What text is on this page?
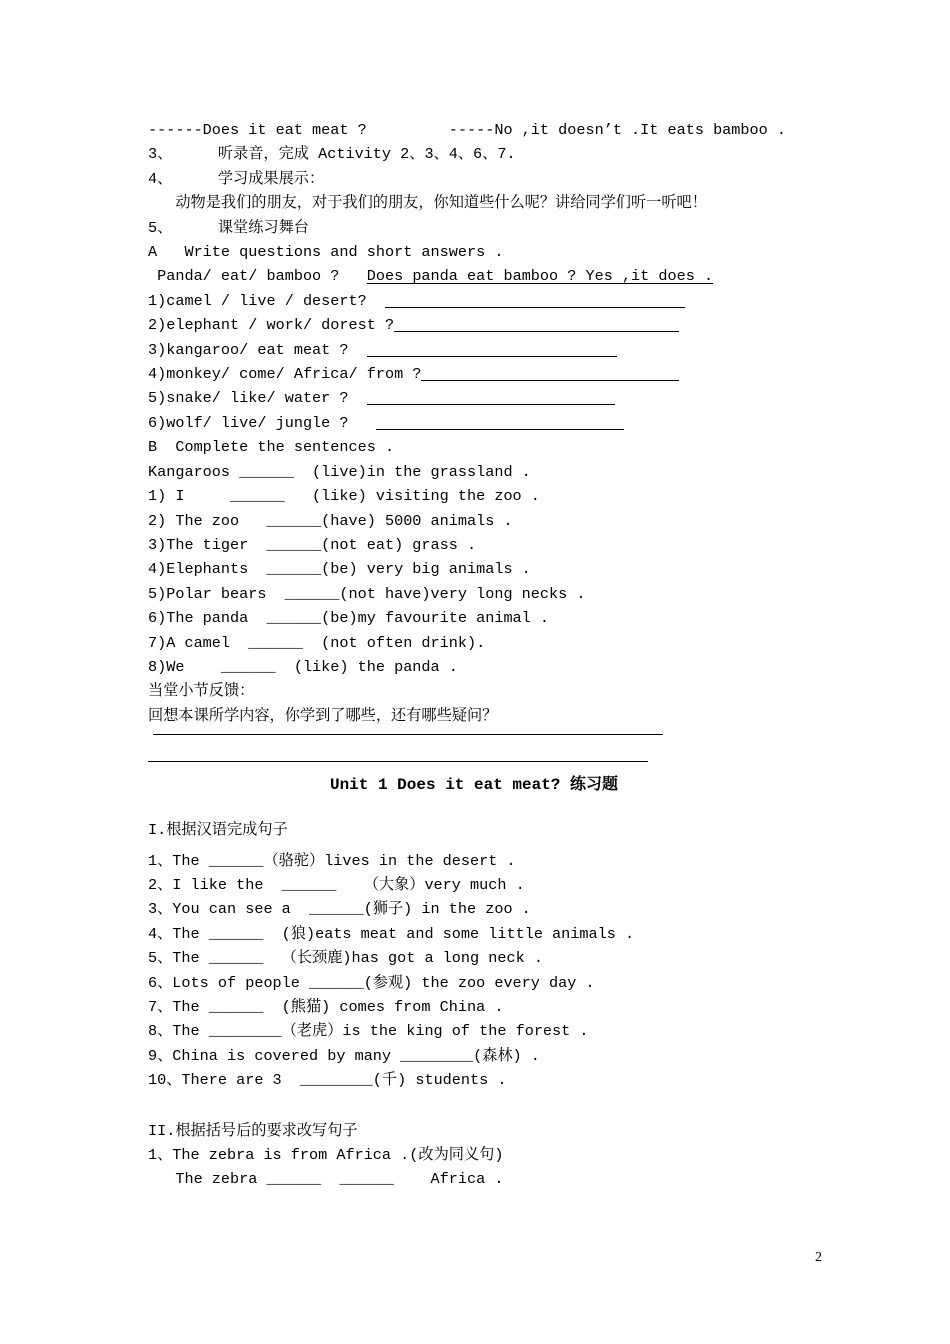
------Does it eat meat ?         -----No ,it doesn’t .It eats bamboo .
3、     听录音，完成 Activity 2、3、4、6、7.
4、     学习成果展示：
动物是我们的朋友，对于我们的朋友，你知道些什么呢？讲给同学们听一听吧！
5、     课堂练习舞台
A   Write questions and short answers .
Panda/ eat/ bamboo ?   Does panda eat bamboo ? Yes ,it does .
1)camel / live / desert?
2)elephant / work/ dorest ?
3)kangaroo/ eat meat ?
4)monkey/ come/ Africa/ from ?
5)snake/ like/ water ?
6)wolf/ live/ jungle ?
B  Complete the sentences .
Kangaroos ______  (live)in the grassland .
1) I     ______   (like) visiting the zoo .
2) The zoo   ______(have) 5000 animals .
3)The tiger  ______(not eat) grass .
4)Elephants  ______(be) very big animals .
5)Polar bears  ______(not have)very long necks .
6)The panda  ______(be)my favourite animal .
7)A camel  ______  (not often drink).
8)We    ______  (like) the panda .
当堂小节反馈：
回想本课所学内容，你学到了哪些，还有哪些疑问？
Unit 1 Does it eat meat? 练习题
I.根据汉语完成句子
1、The ______（骆驼）lives in the desert .
2、I like the  ______   （大象）very much .
3、You can see a  ______(狮子) in the zoo .
4、The ______  (狼)eats meat and some little animals .
5、The ______  （长颈鹿)has got a long neck .
6、Lots of people ______(参观) the zoo every day .
7、The ______  (熊猫) comes from China .
8、The ________（老虎）is the king of the forest .
9、China is covered by many ________(森林) .
10、There are 3  ________(千) students .
II.根据括号后的要求改写句子
1、The zebra is from Africa .(改为同义句)
The zebra ______  ______    Africa .
2
